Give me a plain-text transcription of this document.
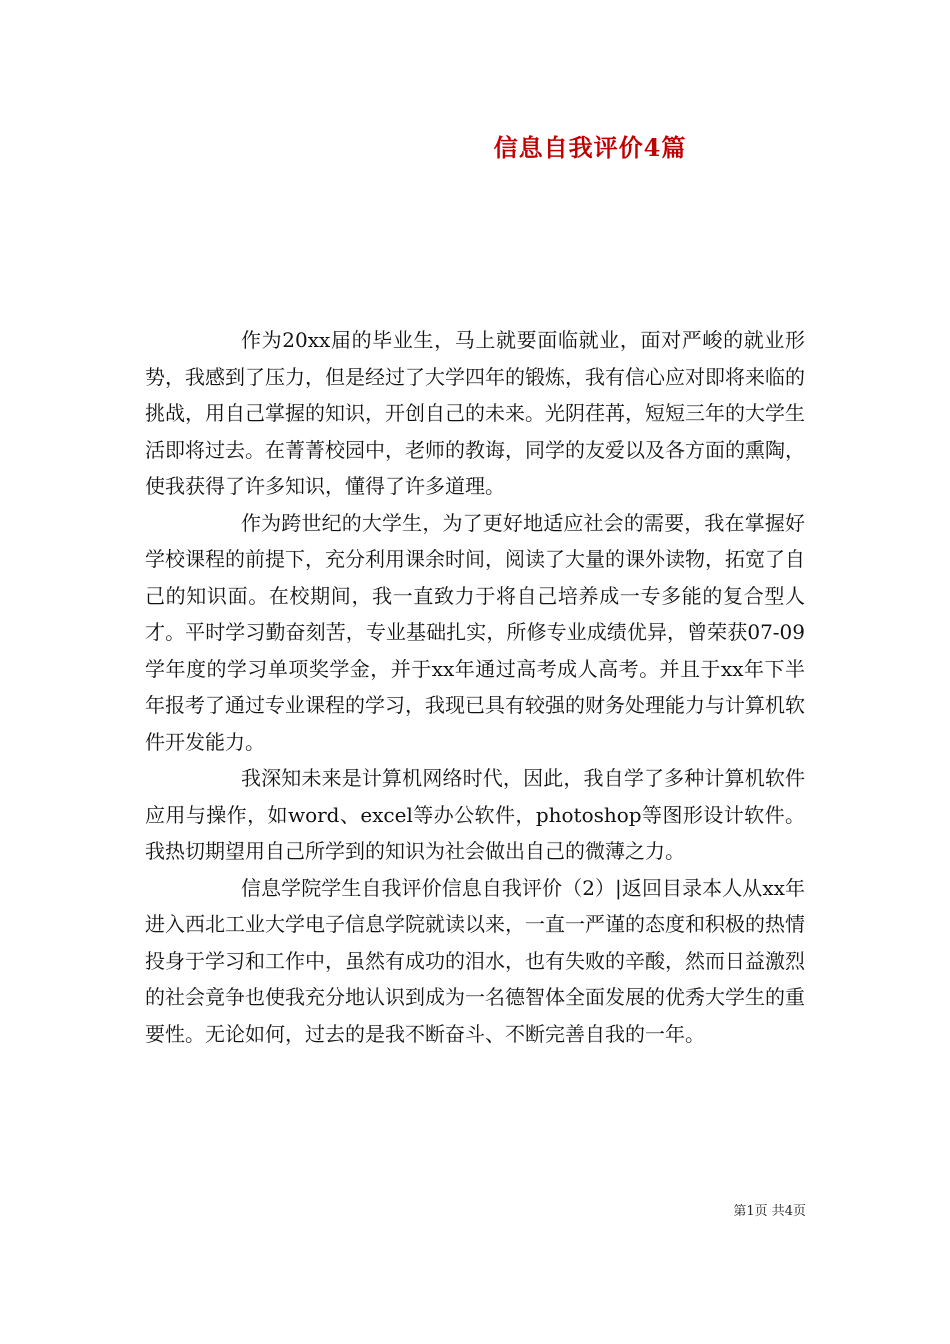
信息自我评价4篇

作为20xx届的毕业生，马上就要面临就业，面对严峻的就业形势，我感到了压力，但是经过了大学四年的锻炼，我有信心应对即将来临的挑战，用自己掌握的知识，开创自己的未来。光阴荏苒，短短三年的大学生活即将过去。在菁菁校园中，老师的教诲，同学的友爱以及各方面的熏陶，使我获得了许多知识，懂得了许多道理。

作为跨世纪的大学生，为了更好地适应社会的需要，我在掌握好学校课程的前提下，充分利用课余时间，阅读了大量的课外读物，拓宽了自己的知识面。在校期间，我一直致力于将自己培养成一专多能的复合型人才。平时学习勤奋刻苦，专业基础扎实，所修专业成绩优异，曾荣获07-09学年度的学习单项奖学金，并于xx年通过高考成人高考。并且于xx年下半年报考了通过专业课程的学习，我现已具有较强的财务处理能力与计算机软件开发能力。

我深知未来是计算机网络时代，因此，我自学了多种计算机软件应用与操作，如word、excel等办公软件，photoshop等图形设计软件。我热切期望用自己所学到的知识为社会做出自己的微薄之力。

信息学院学生自我评价信息自我评价（2）|返回目录本人从xx年进入西北工业大学电子信息学院就读以来，一直一严谨的态度和积极的热情投身于学习和工作中，虽然有成功的泪水，也有失败的辛酸，然而日益激烈的社会竟争也使我充分地认识到成为一名德智体全面发展的优秀大学生的重要性。无论如何，过去的是我不断奋斗、不断完善自我的一年。

第1页 共4页
